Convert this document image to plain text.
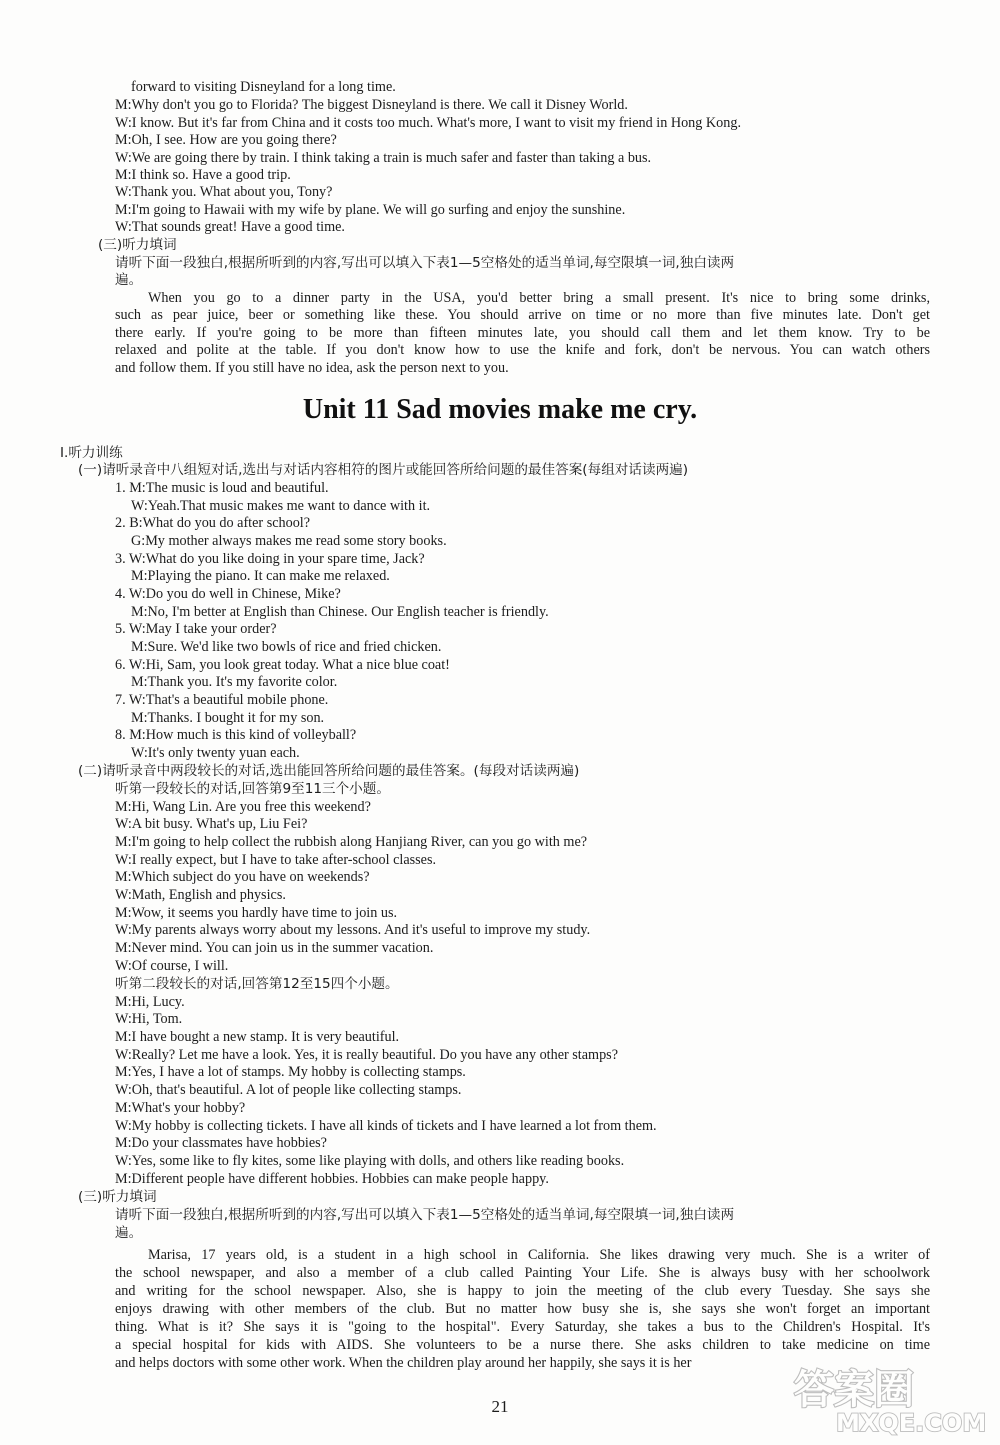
forward to visiting Disneyland for a long time.
M:Why don't you go to Florida? The biggest Disneyland is there. We call it Disney World.
W:I know. But it's far from China and it costs too much. What's more, I want to visit my friend in Hong Kong.
M:Oh, I see. How are you going there?
W:We are going there by train. I think taking a train is much safer and faster than taking a bus.
M:I think so. Have a good trip.
W:Thank you. What about you, Tony?
M:I'm going to Hawaii with my wife by plane. We will go surfing and enjoy the sunshine.
W:That sounds great! Have a good time.
(三)听力填词
请听下面一段独白,根据所听到的内容,写出可以填入下表1—5空格处的适当单词,每空限填一词,独白读两
遍。
When you go to a dinner party in the USA, you'd better bring a small present. It's nice to bring some drinks,
such as pear juice, beer or something like these. You should arrive on time or no more than five minutes late. Don't get
there early. If you're going to be more than fifteen minutes late, you should call them and let them know. Try to be
relaxed and polite at the table. If you don't know how to use the knife and fork, don't be nervous. You can watch others
and follow them. If you still have no idea, ask the person next to you.
Unit 11 Sad movies make me cry.
Ⅰ.听力训练
(一)请听录音中八组短对话,选出与对话内容相符的图片或能回答所给问题的最佳答案(每组对话读两遍)
1. M:The music is loud and beautiful.
W:Yeah.That music makes me want to dance with it.
2. B:What do you do after school?
G:My mother always makes me read some story books.
3. W:What do you like doing in your spare time, Jack?
M:Playing the piano. It can make me relaxed.
4. W:Do you do well in Chinese, Mike?
M:No, I'm better at English than Chinese. Our English teacher is friendly.
5. W:May I take your order?
M:Sure. We'd like two bowls of rice and fried chicken.
6. W:Hi, Sam, you look great today. What a nice blue coat!
M:Thank you. It's my favorite color.
7. W:That's a beautiful mobile phone.
M:Thanks. I bought it for my son.
8. M:How much is this kind of volleyball?
W:It's only twenty yuan each.
(二)请听录音中两段较长的对话,选出能回答所给问题的最佳答案。(每段对话读两遍)
听第一段较长的对话,回答第9至11三个小题。
M:Hi, Wang Lin. Are you free this weekend?
W:A bit busy. What's up, Liu Fei?
M:I'm going to help collect the rubbish along Hanjiang River, can you go with me?
W:I really expect, but I have to take after-school classes.
M:Which subject do you have on weekends?
W:Math, English and physics.
M:Wow, it seems you hardly have time to join us.
W:My parents always worry about my lessons. And it's useful to improve my study.
M:Never mind. You can join us in the summer vacation.
W:Of course, I will.
听第二段较长的对话,回答第12至15四个小题。
M:Hi, Lucy.
W:Hi, Tom.
M:I have bought a new stamp. It is very beautiful.
W:Really? Let me have a look. Yes, it is really beautiful. Do you have any other stamps?
M:Yes, I have a lot of stamps. My hobby is collecting stamps.
W:Oh, that's beautiful. A lot of people like collecting stamps.
M:What's your hobby?
W:My hobby is collecting tickets. I have all kinds of tickets and I have learned a lot from them.
M:Do your classmates have hobbies?
W:Yes, some like to fly kites, some like playing with dolls, and others like reading books.
M:Different people have different hobbies. Hobbies can make people happy.
(三)听力填词
请听下面一段独白,根据所听到的内容,写出可以填入下表1—5空格处的适当单词,每空限填一词,独白读两
遍。
Marisa, 17 years old, is a student in a high school in California. She likes drawing very much. She is a writer of
the school newspaper, and also a member of a club called Painting Your Life. She is always busy with her schoolwork
and writing for the school newspaper. Also, she is happy to join the meeting of the club every Tuesday. She says she
enjoys drawing with other members of the club. But no matter how busy she is, she says she won't forget an important
thing. What is it? She says it is "going to the hospital". Every Saturday, she takes a bus to the Children's Hospital. It's
a special hospital for kids with AIDS. She volunteers to be a nurse there. She asks children to take medicine on time
and helps doctors with some other work. When the children play around her happily, she says it is her
21	答案圈
MXQE.COM
